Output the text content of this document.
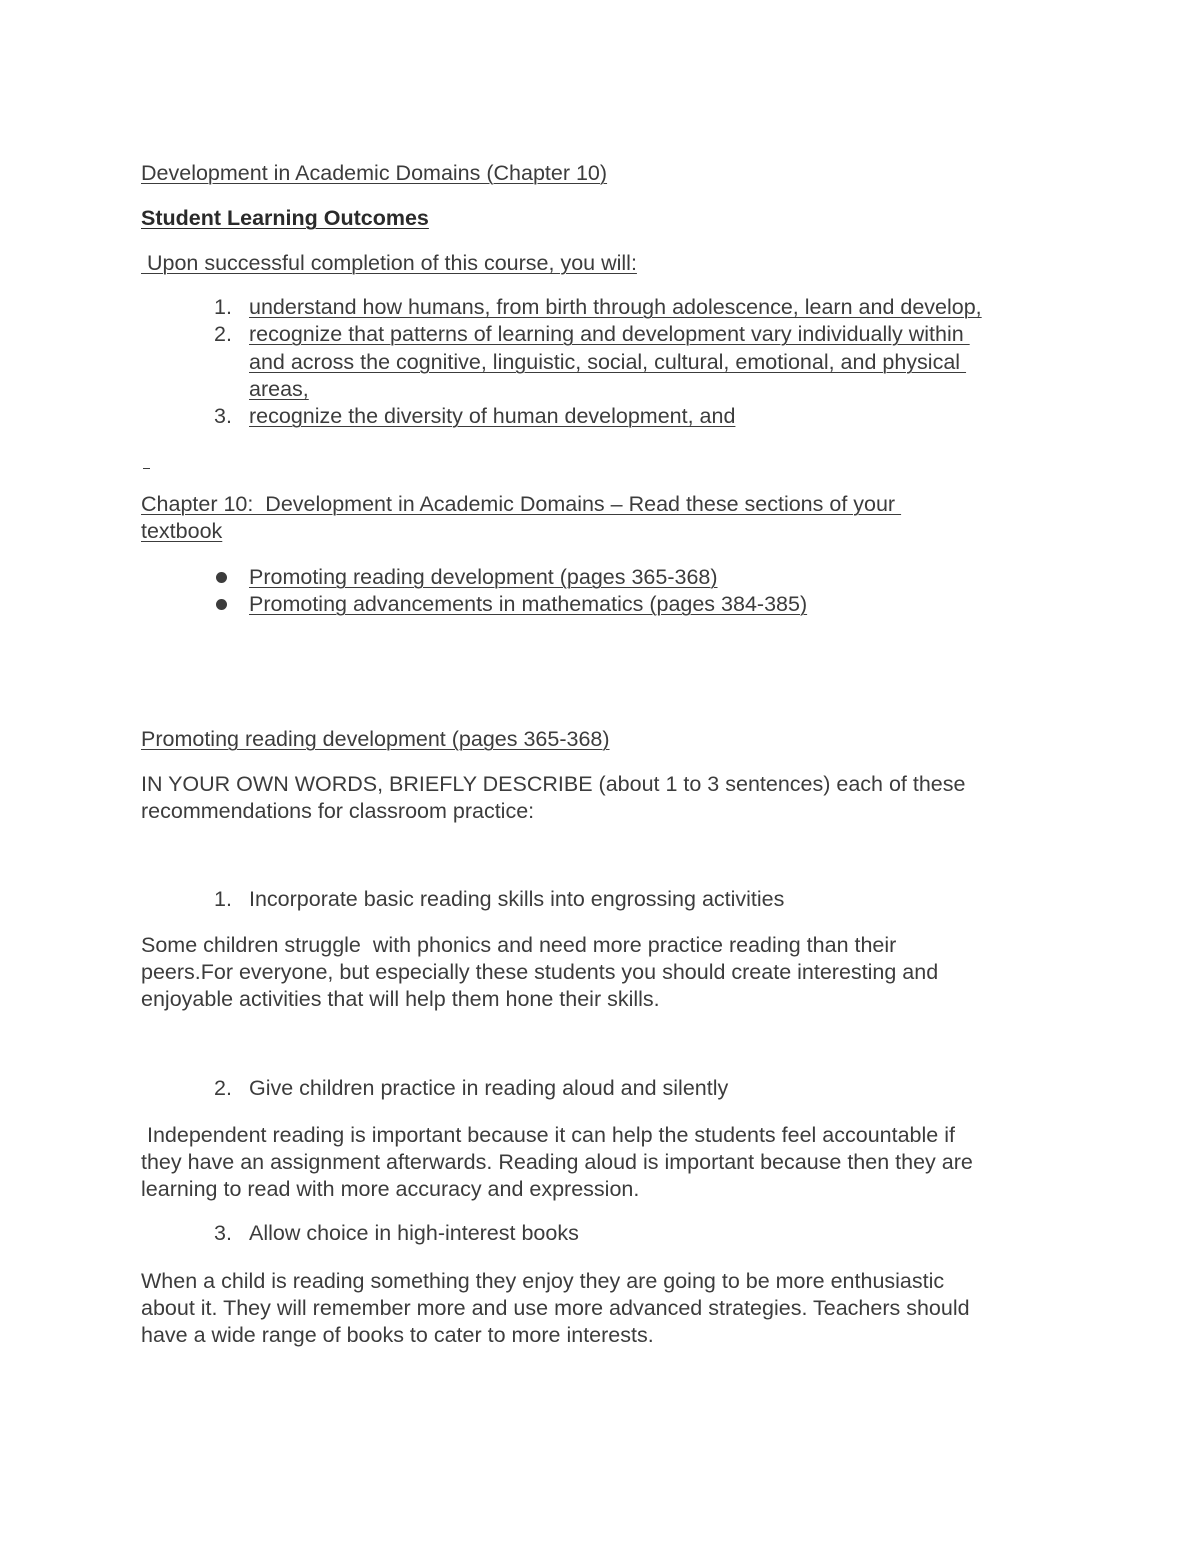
Development in Academic Domains (Chapter 10)

Student Learning Outcomes

Upon successful completion of this course, you will:

1. understand how humans, from birth through adolescence, learn and develop,
2. recognize that patterns of learning and development vary individually within
and across the cognitive, linguistic, social, cultural, emotional, and physical
areas,
3. recognize the diversity of human development, and

Chapter 10:  Development in Academic Domains – Read these sections of your

textbook

Promoting reading development (pages 365-368)
Promoting advancements in mathematics (pages 384-385)

Promoting reading development (pages 365-368)

IN YOUR OWN WORDS, BRIEFLY DESCRIBE (about 1 to 3 sentences) each of these

recommendations for classroom practice:

1. Incorporate basic reading skills into engrossing activities

Some children struggle  with phonics and need more practice reading than their

peers.For everyone, but especially these students you should create interesting and

enjoyable activities that will help them hone their skills.

2. Give children practice in reading aloud and silently

Independent reading is important because it can help the students feel accountable if

they have an assignment afterwards. Reading aloud is important because then they are

learning to read with more accuracy and expression.

3. Allow choice in high-interest books

When a child is reading something they enjoy they are going to be more enthusiastic

about it. They will remember more and use more advanced strategies. Teachers should

have a wide range of books to cater to more interests.
